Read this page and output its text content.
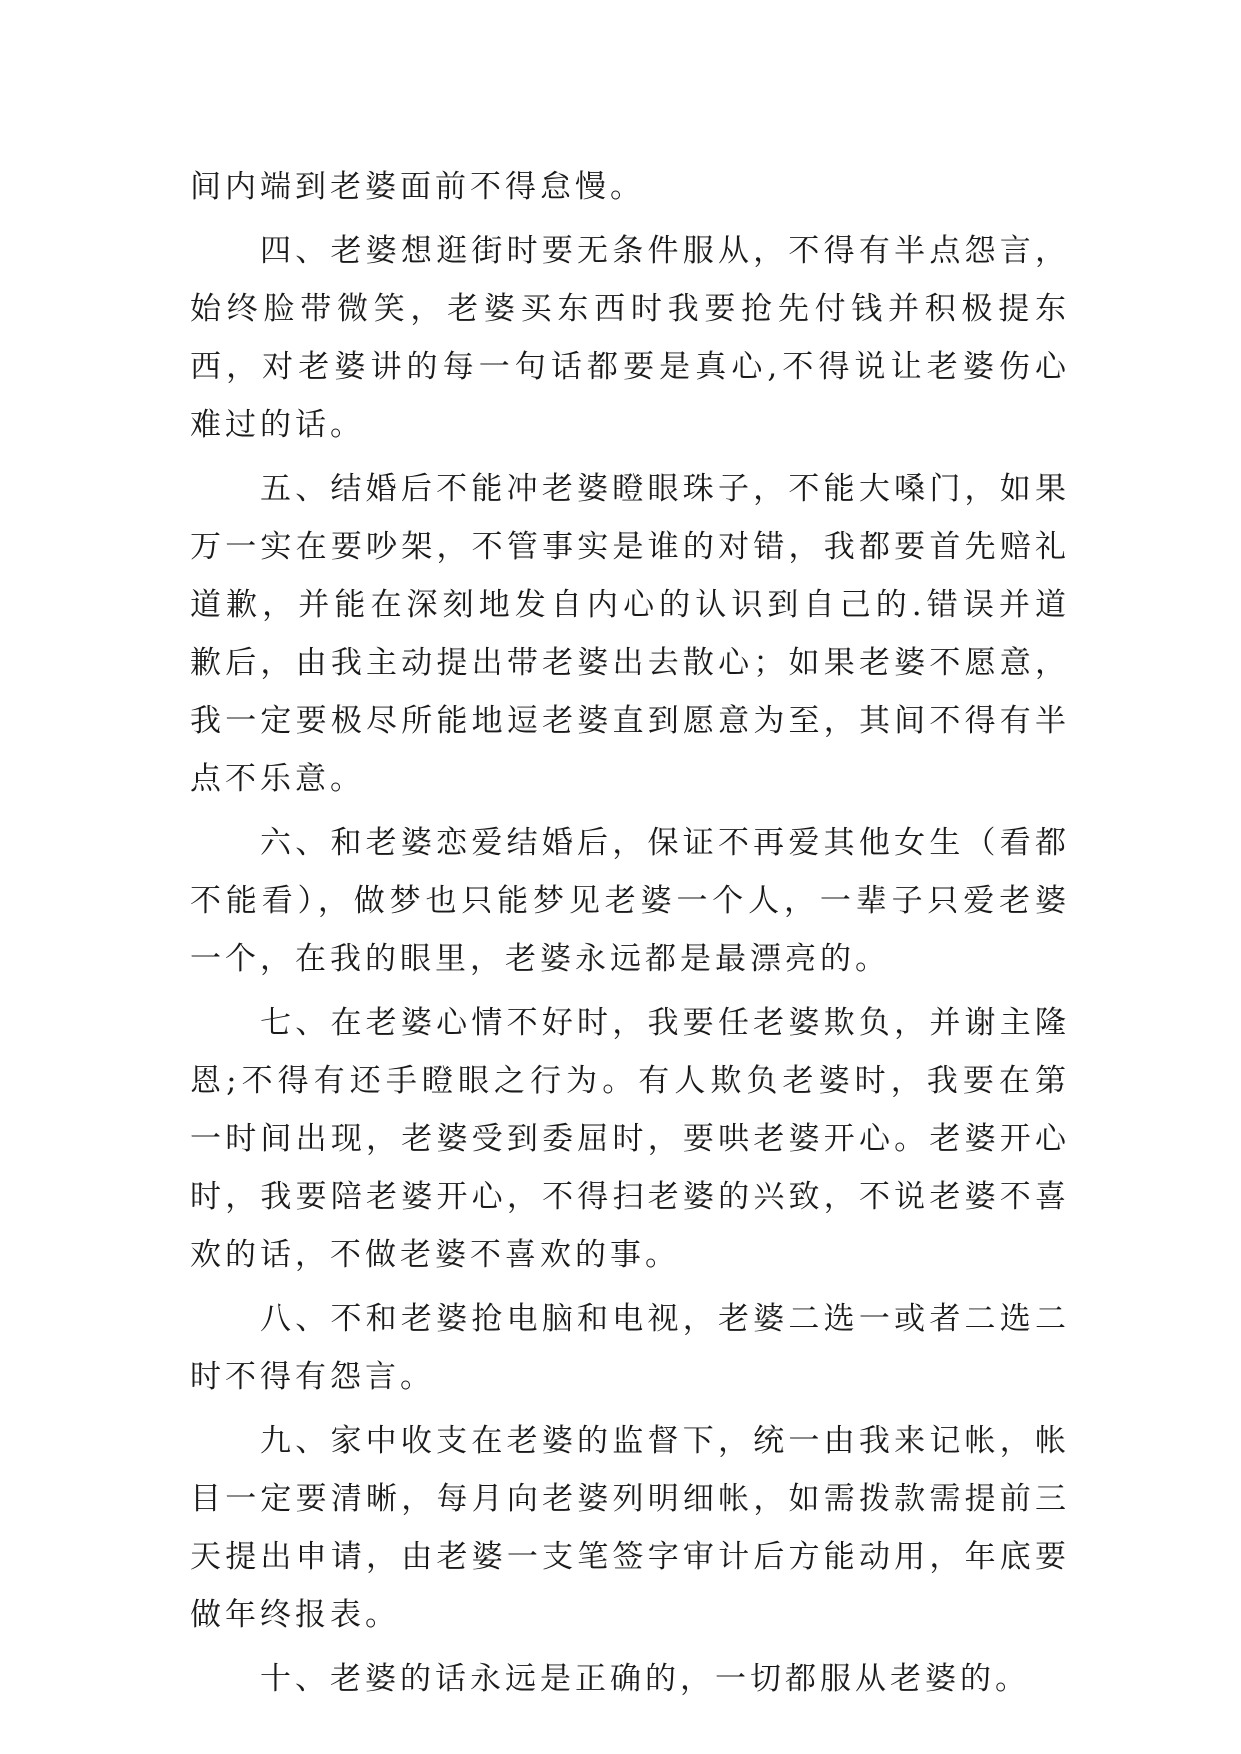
间内端到老婆面前不得怠慢。

四、老婆想逛街时要无条件服从，不得有半点怨言，始终脸带微笑，老婆买东西时我要抢先付钱并积极提东西，对老婆讲的每一句话都要是真心,不得说让老婆伤心难过的话。

五、结婚后不能冲老婆瞪眼珠子，不能大嗓门，如果万一实在要吵架，不管事实是谁的对错，我都要首先赔礼道歉，并能在深刻地发自内心的认识到自己的.错误并道歉后，由我主动提出带老婆出去散心；如果老婆不愿意，我一定要极尽所能地逗老婆直到愿意为至，其间不得有半点不乐意。

六、和老婆恋爱结婚后，保证不再爱其他女生（看都不能看），做梦也只能梦见老婆一个人，一辈子只爱老婆一个，在我的眼里，老婆永远都是最漂亮的。

七、在老婆心情不好时，我要任老婆欺负，并谢主隆恩;不得有还手瞪眼之行为。有人欺负老婆时，我要在第一时间出现，老婆受到委屈时，要哄老婆开心。老婆开心时，我要陪老婆开心，不得扫老婆的兴致，不说老婆不喜欢的话，不做老婆不喜欢的事。

八、不和老婆抢电脑和电视，老婆二选一或者二选二时不得有怨言。

九、家中收支在老婆的监督下，统一由我来记帐，帐目一定要清晰，每月向老婆列明细帐，如需拨款需提前三天提出申请，由老婆一支笔签字审计后方能动用，年底要做年终报表。

十、老婆的话永远是正确的，一切都服从老婆的。
